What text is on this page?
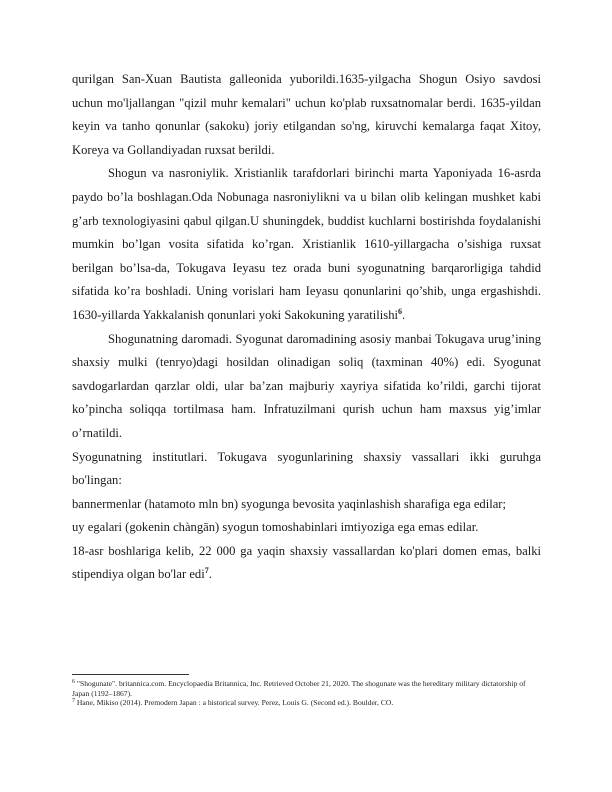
qurilgan San-Xuan Bautista galleonida yuborildi.1635-yilgacha Shogun Osiyo savdosi uchun mo'ljallangan "qizil muhr kemalari" uchun ko'plab ruxsatnomalar berdi. 1635-yildan keyin va tanho qonunlar (sakoku) joriy etilgandan so'ng, kiruvchi kemalarga faqat Xitoy, Koreya va Gollandiyadan ruxsat berildi.

Shogun va nasroniylik. Xristianlik tarafdorlari birinchi marta Yaponiyada 16-asrda paydo bo’la boshlagan.Oda Nobunaga nasroniylikni va u bilan olib kelingan mushket kabi g’arb texnologiyasini qabul qilgan.U shuningdek, buddist kuchlarni bostirishda foydalanishi mumkin bo’lgan vosita sifatida ko’rgan. Xristianlik 1610-yillargacha o’sishiga ruxsat berilgan bo’lsa-da, Tokugava Ieyasu tez orada buni syogunatning barqarorligiga tahdid sifatida ko’ra boshladi. Uning vorislari ham Ieyasu qonunlarini qo’shib, unga ergashishdi. 1630-yillarda Yakkalanish qonunlari yoki Sakokuning yaratilishi$^6$.

Shogunatning daromadi. Syogunat daromadining asosiy manbai Tokugava urug’ining shaxsiy mulki (tenryo)dagi hosildan olinadigan soliq (taxminan 40%) edi. Syogunat savdogarlardan qarzlar oldi, ular ba’zan majburiy xayriya sifatida ko’rildi, garchi tijorat ko’pincha soliqqa tortilmasa ham. Infratuzilmani qurish uchun ham maxsus yig’imlar o’rnatildi.

Syogunatning institutlari. Tokugava syogunlarining shaxsiy vassallari ikki guruhga bo'lingan:

bannermenlar (hatamoto mln bn) syogunga bevosita yaqinlashish sharafiga ega edilar;

uy egalari (gokenin chàngān) syogun tomoshabinlari imtiyoziga ega emas edilar.

18-asr boshlariga kelib, 22 000 ga yaqin shaxsiy vassallardan ko'plari domen emas, balki stipendiya olgan bo'lar edi$^7$.

$^6$ "Shogunate". britannica.com. Encyclopaedia Britannica, Inc. Retrieved October 21, 2020. The shogunate was the hereditary military dictatorship of Japan (1192–1867).

$^7$ Hane, Mikiso (2014). Premodern Japan : a historical survey. Perez, Louis G. (Second ed.). Boulder, CO.
